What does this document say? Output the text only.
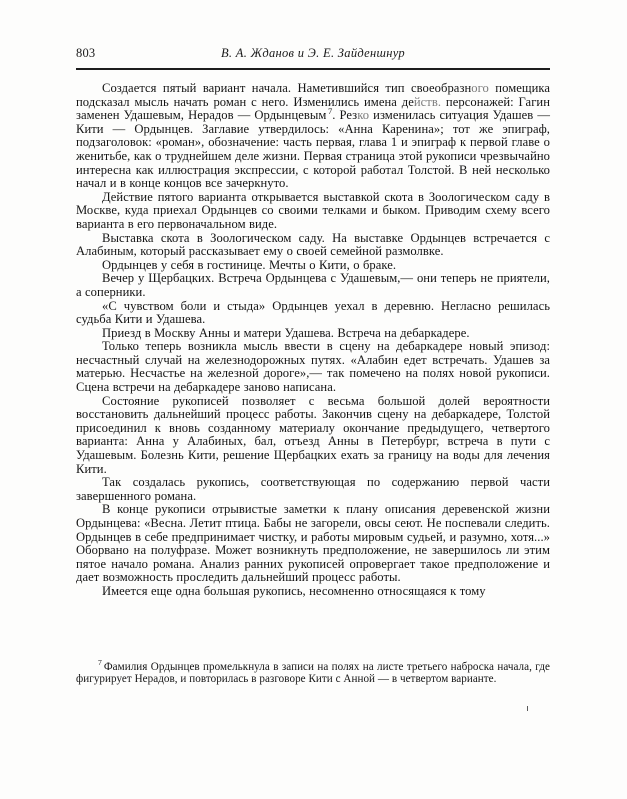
803	В. А. Жданов и Э. Е. Зайденшнур

Создается пятый вариант начала. Наметившийся тип своеобразного помещика подсказал мысль начать роман с него. Изменились имена действ. персонажей: Гагин заменен Удашевым, Нерадов — Ордынцевым $^7$. Резко изменилась ситуация Удашев — Кити — Ордынцев. Заглавие утвердилось: «Анна Каренина»; тот же эпиграф, подзаголовок: «роман», обозначение: часть первая, глава 1 и эпиграф к первой главе о женитьбе, как о труднейшем деле жизни. Первая страница этой рукописи чрезвычайно интересна как иллюстрация экспрессии, с которой работал Толстой. В ней несколько начал и в конце концов все зачеркнуто.

Действие пятого варианта открывается выставкой скота в Зоологическом саду в Москве, куда приехал Ордынцев со своими телками и быком. Приводим схему всего варианта в его первоначальном виде.

Выставка скота в Зоологическом саду. На выставке Ордынцев встречается с Алабиным, который рассказывает ему о своей семейной размолвке.

Ордынцев у себя в гостинице. Мечты о Кити, о браке.

Вечер у Щербацких. Встреча Ордынцева с Удашевым,— они теперь не приятели, а соперники.

«С чувством боли и стыда» Ордынцев уехал в деревню. Негласно решилась судьба Кити и Удашева.

Приезд в Москву Анны и матери Удашева. Встреча на дебаркадере.

Только теперь возникла мысль ввести в сцену на дебаркадере новый эпизод: несчастный случай на железнодорожных путях. «Алабин едет встречать. Удашев за матерью. Несчастье на железной дороге»,— так помечено на полях новой рукописи. Сцена встречи на дебаркадере заново написана.

Состояние рукописей позволяет с весьма большой долей вероятности восстановить дальнейший процесс работы. Закончив сцену на дебаркадере, Толстой присоединил к вновь созданному материалу окончание предыдущего, четвертого варианта: Анна у Алабиных, бал, отъезд Анны в Петербург, встреча в пути с Удашевым. Болезнь Кити, решение Щербацких ехать за границу на воды для лечения Кити.

Так создалась рукопись, соответствующая по содержанию первой части завершенного романа.

В конце рукописи отрывистые заметки к плану описания деревенской жизни Ордынцева: «Весна. Летит птица. Бабы не загорели, овсы сеют. Не поспевали следить. Ордынцев в себе предпринимает чистку, и работы мировым судьей, и разумно, хотя...» Оборвано на полуфразе. Может возникнуть предположение, не завершилось ли этим пятое начало романа. Анализ ранних рукописей опровергает такое предположение и дает возможность проследить дальнейший процесс работы.

Имеется еще одна большая рукопись, несомненно относящаяся к тому

$^7$ Фамилия Ордынцев промелькнула в записи на полях на листе третьего наброска начала, где фигурирует Нерадов, и повторилась в разговоре Кити с Анной — в четвертом варианте.
